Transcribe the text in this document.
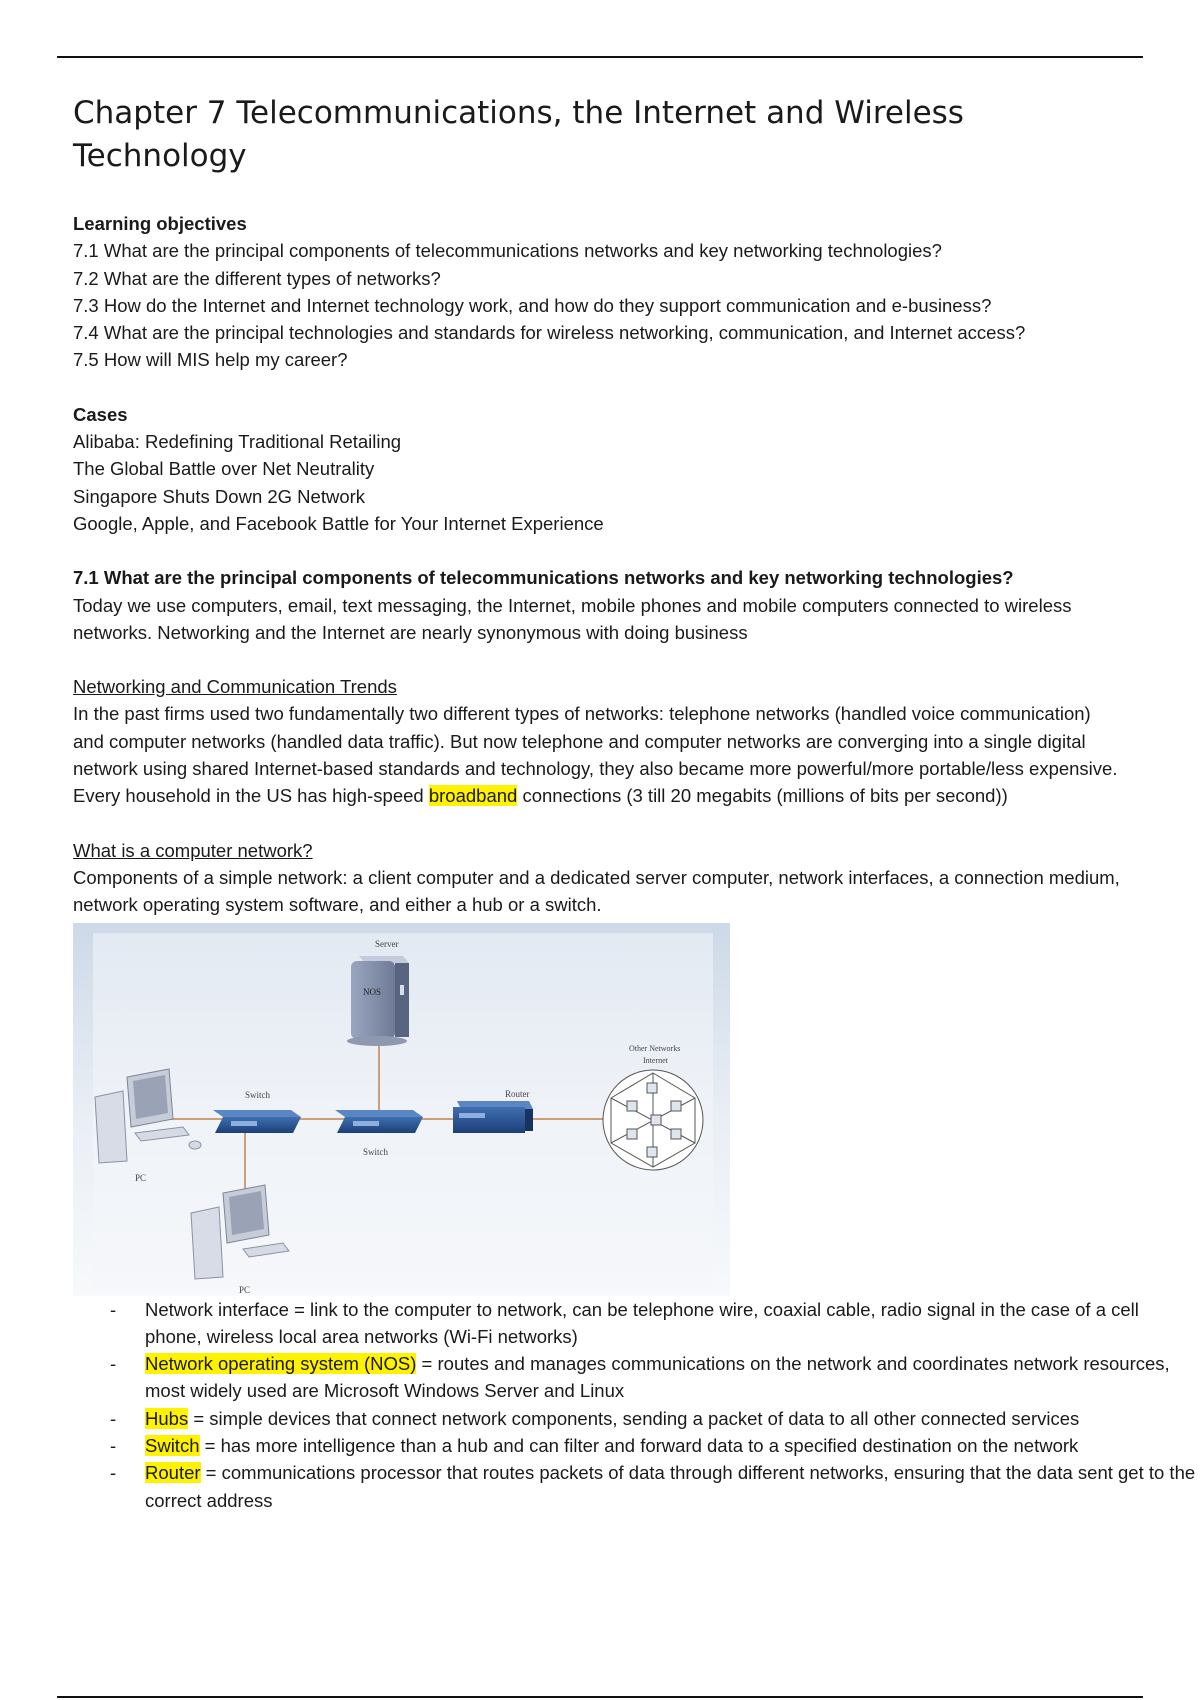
Chapter 7 Telecommunications, the Internet and Wireless Technology
Learning objectives
7.1 What are the principal components of telecommunications networks and key networking technologies?
7.2 What are the different types of networks?
7.3 How do the Internet and Internet technology work, and how do they support communication and e-business?
7.4 What are the principal technologies and standards for wireless networking, communication, and Internet access?
7.5 How will MIS help my career?
Cases
Alibaba: Redefining Traditional Retailing
The Global Battle over Net Neutrality
Singapore Shuts Down 2G Network
Google, Apple, and Facebook Battle for Your Internet Experience
7.1 What are the principal components of telecommunications networks and key networking technologies?
Today we use computers, email, text messaging, the Internet, mobile phones and mobile computers connected to wireless networks. Networking and the Internet are nearly synonymous with doing business
Networking and Communication Trends
In the past firms used two fundamentally two different types of networks: telephone networks (handled voice communication) and computer networks (handled data traffic). But now telephone and computer networks are converging into a single digital network using shared Internet-based standards and technology, they also became more powerful/more portable/less expensive. Every household in the US has high-speed broadband connections (3 till 20 megabits (millions of bits per second))
What is a computer network?
Components of a simple network: a client computer and a dedicated server computer, network interfaces, a connection medium, network operating system software, and either a hub or a switch.
Server
NOS
Switch
Switch
Router
Other Networks
Internet
PC
PC
- Network interface = link to the computer to network, can be telephone wire, coaxial cable, radio signal in the case of a cell phone, wireless local area networks (Wi-Fi networks)
- Network operating system (NOS) = routes and manages communications on the network and coordinates network resources, most widely used are Microsoft Windows Server and Linux
- Hubs = simple devices that connect network components, sending a packet of data to all other connected services
- Switch = has more intelligence than a hub and can filter and forward data to a specified destination on the network
- Router = communications processor that routes packets of data through different networks, ensuring that the data sent get to the correct address
